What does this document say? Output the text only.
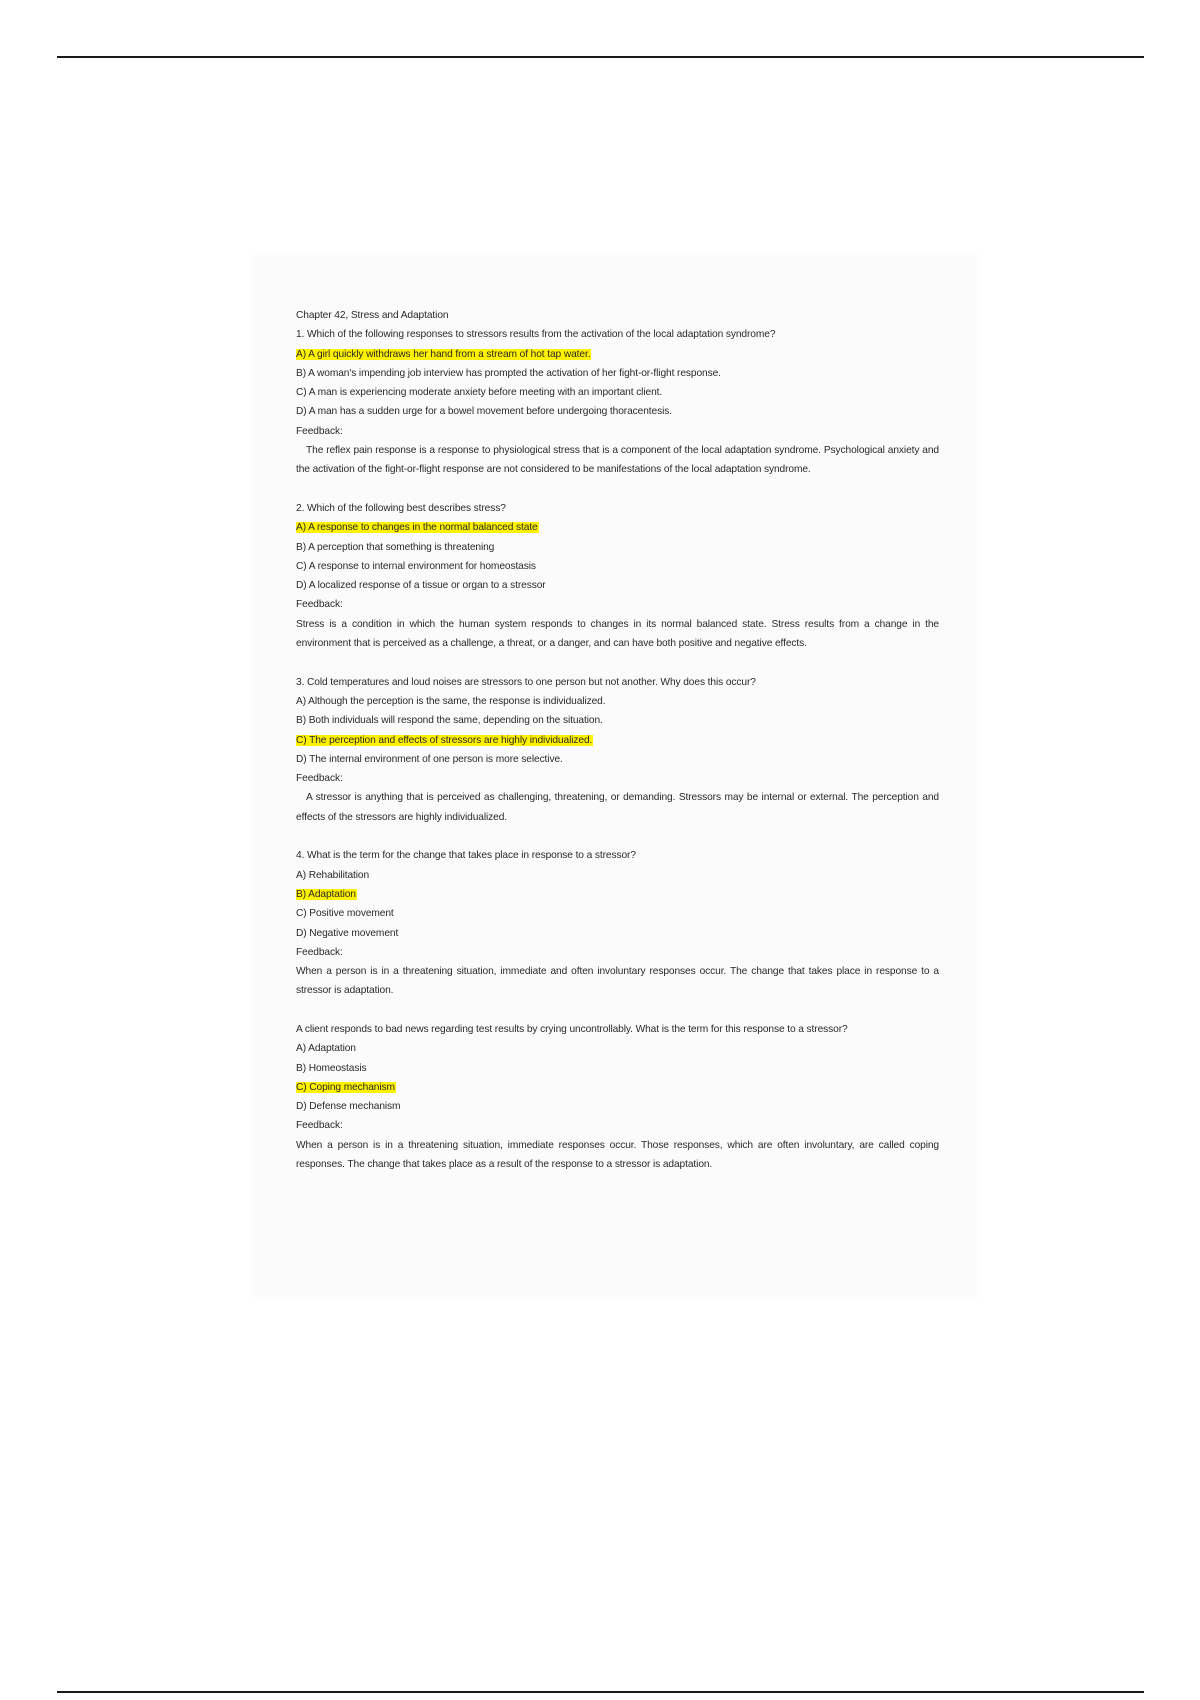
Chapter 42, Stress and Adaptation

1. Which of the following responses to stressors results from the activation of the local adaptation syndrome?

A) A girl quickly withdraws her hand from a stream of hot tap water.

B) A woman's impending job interview has prompted the activation of her fight-or-flight response.

C) A man is experiencing moderate anxiety before meeting with an important client.

D) A man has a sudden urge for a bowel movement before undergoing thoracentesis.

Feedback:

The reflex pain response is a response to physiological stress that is a component of the local adaptation syndrome. Psychological anxiety and the activation of the fight-or-flight response are not considered to be manifestations of the local adaptation syndrome.

2. Which of the following best describes stress?

A) A response to changes in the normal balanced state

B) A perception that something is threatening

C) A response to internal environment for homeostasis

D) A localized response of a tissue or organ to a stressor

Feedback:

Stress is a condition in which the human system responds to changes in its normal balanced state. Stress results from a change in the environment that is perceived as a challenge, a threat, or a danger, and can have both positive and negative effects.

3. Cold temperatures and loud noises are stressors to one person but not another. Why does this occur?

A) Although the perception is the same, the response is individualized.

B) Both individuals will respond the same, depending on the situation.

C) The perception and effects of stressors are highly individualized.

D) The internal environment of one person is more selective.

Feedback:

A stressor is anything that is perceived as challenging, threatening, or demanding. Stressors may be internal or external. The perception and effects of the stressors are highly individualized.

4. What is the term for the change that takes place in response to a stressor?

A) Rehabilitation

B) Adaptation

C) Positive movement

D) Negative movement

Feedback:

When a person is in a threatening situation, immediate and often involuntary responses occur. The change that takes place in response to a stressor is adaptation.

A client responds to bad news regarding test results by crying uncontrollably. What is the term for this response to a stressor?

A) Adaptation

B) Homeostasis

C) Coping mechanism

D) Defense mechanism

Feedback:

When a person is in a threatening situation, immediate responses occur. Those responses, which are often involuntary, are called coping responses. The change that takes place as a result of the response to a stressor is adaptation.
